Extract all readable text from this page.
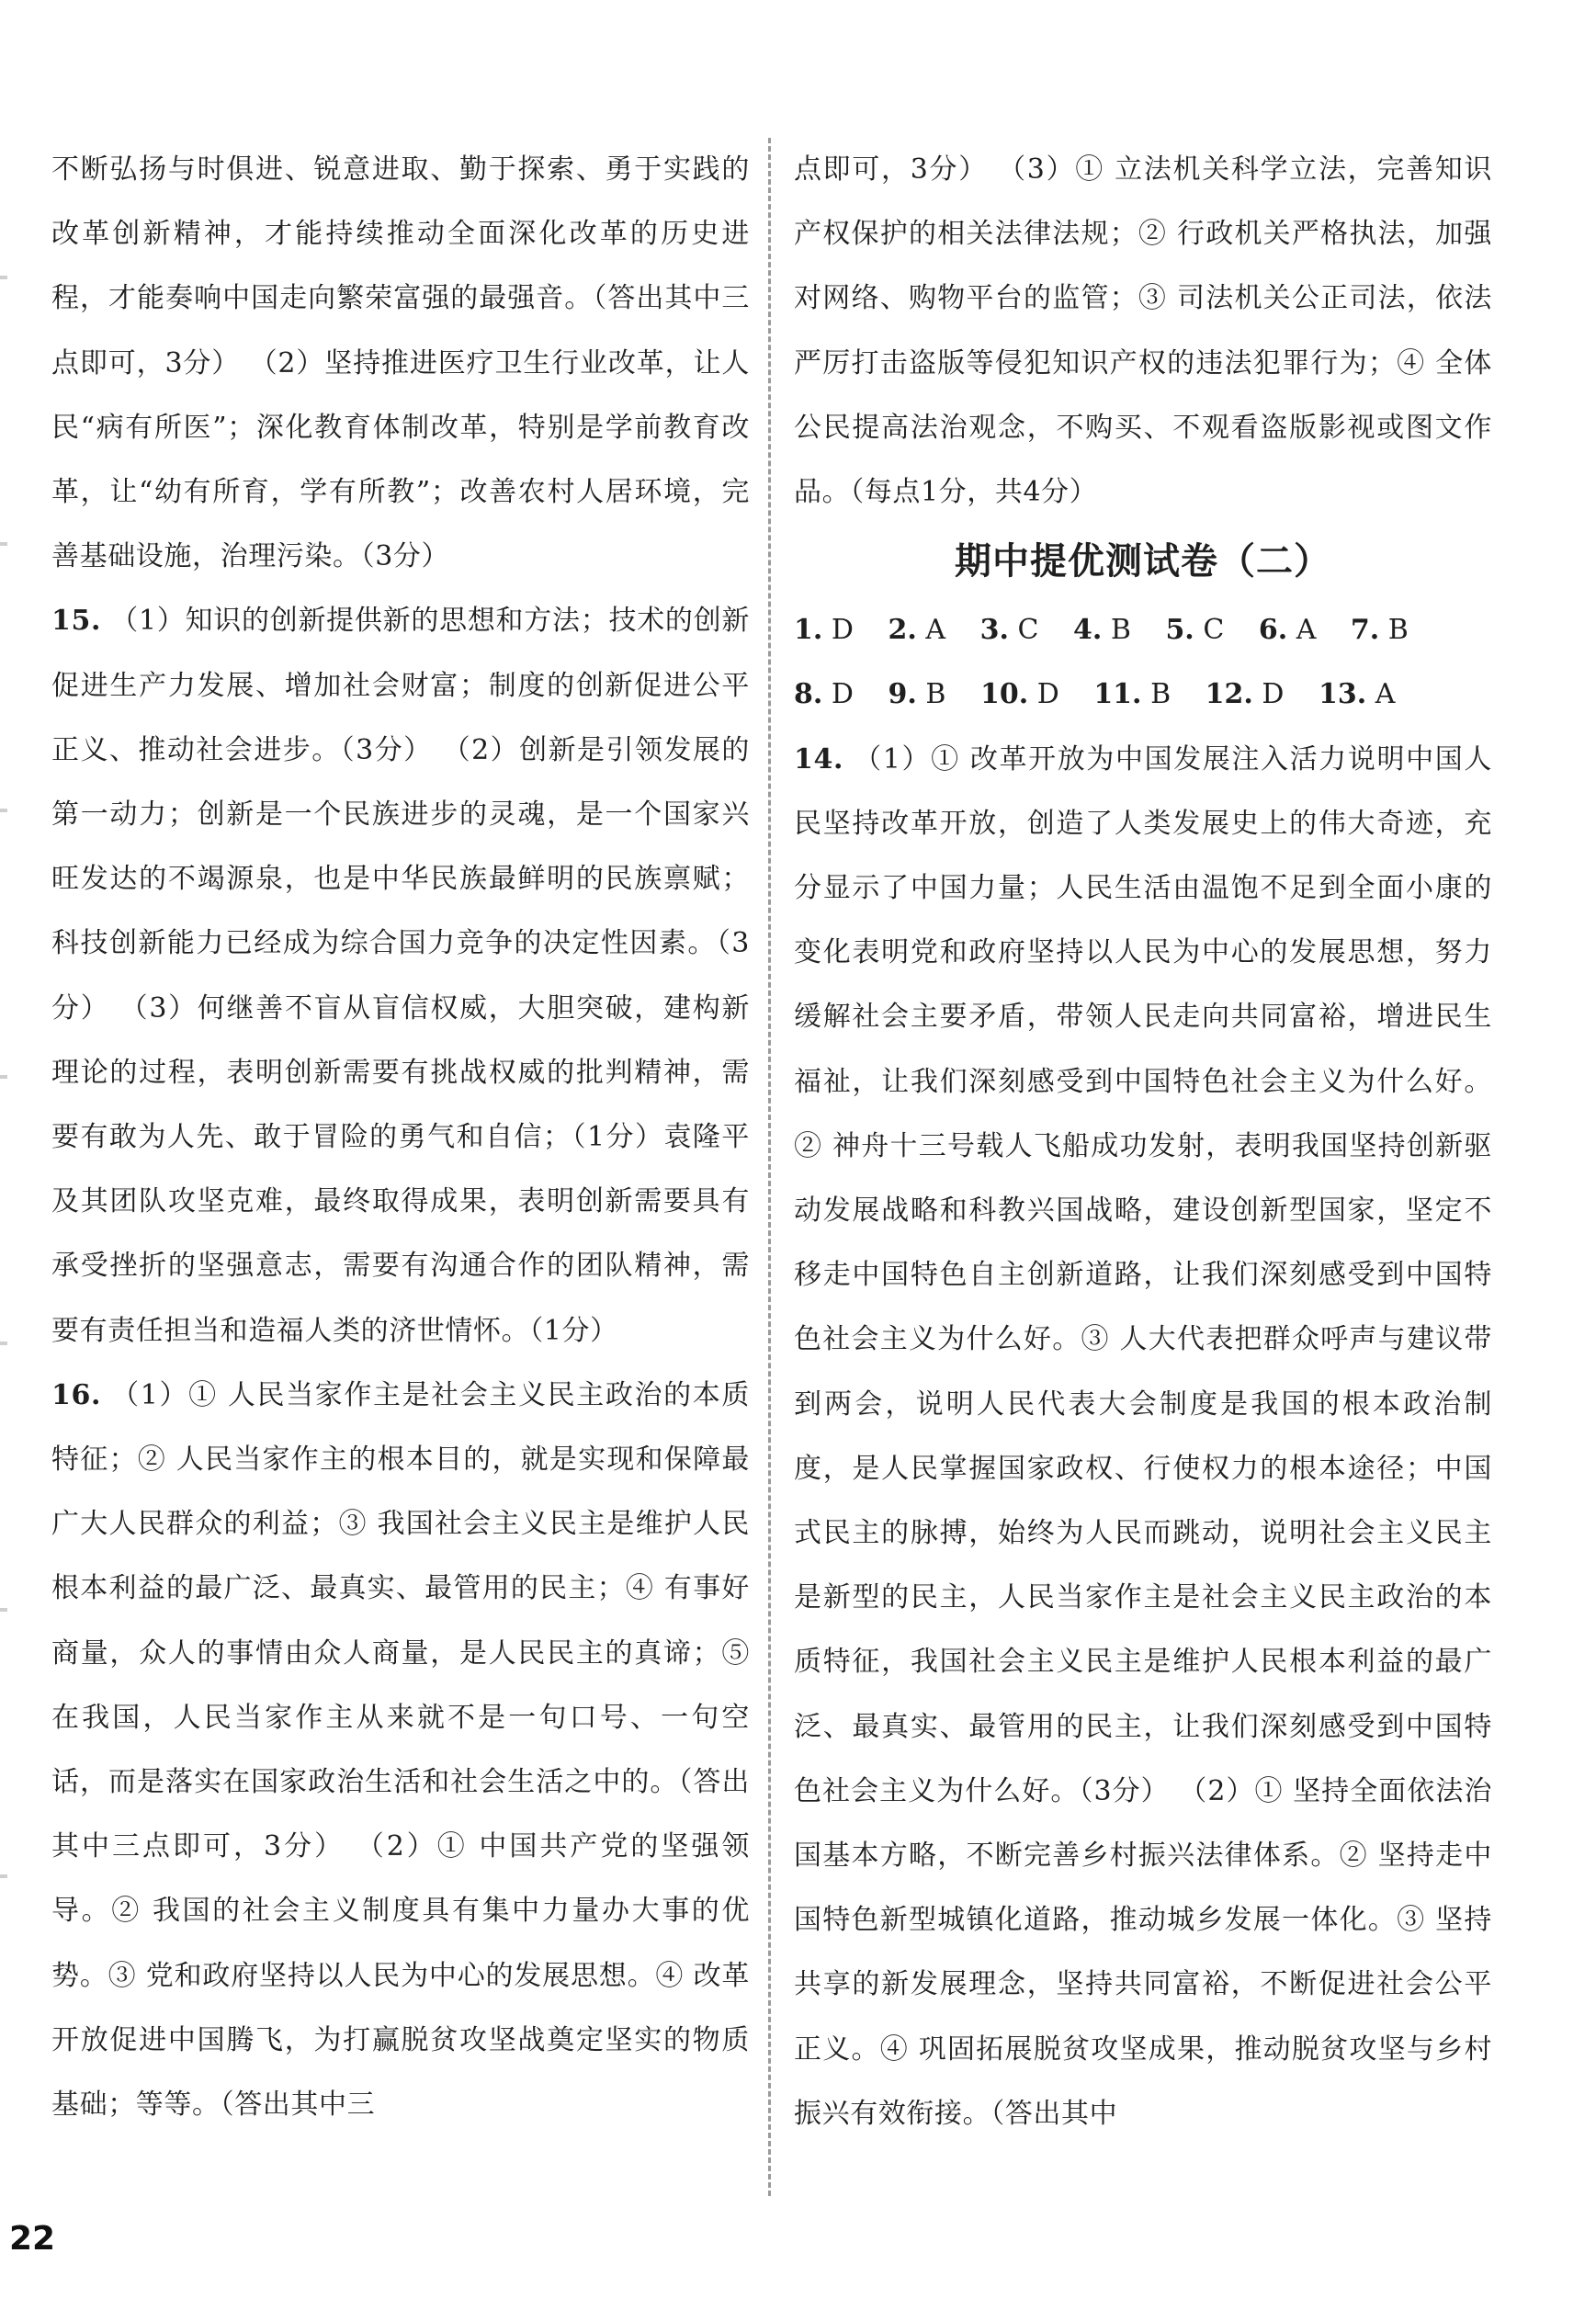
不断弘扬与时俱进、锐意进取、勤于探索、勇于实践的改革创新精神，才能持续推动全面深化改革的历史进程，才能奏响中国走向繁荣富强的最强音。（答出其中三点即可，3分） （2）坚持推进医疗卫生行业改革，让人民“病有所医”；深化教育体制改革，特别是学前教育改革，让“幼有所育，学有所教”；改善农村人居环境，完善基础设施，治理污染。（3分）

15. （1）知识的创新提供新的思想和方法；技术的创新促进生产力发展、增加社会财富；制度的创新促进公平正义、推动社会进步。（3分） （2）创新是引领发展的第一动力；创新是一个民族进步的灵魂，是一个国家兴旺发达的不竭源泉，也是中华民族最鲜明的民族禀赋；科技创新能力已经成为综合国力竞争的决定性因素。（3分） （3）何继善不盲从盲信权威，大胆突破，建构新理论的过程，表明创新需要有挑战权威的批判精神，需要有敢为人先、敢于冒险的勇气和自信；（1分）袁隆平及其团队攻坚克难，最终取得成果，表明创新需要具有承受挫折的坚强意志，需要有沟通合作的团队精神，需要有责任担当和造福人类的济世情怀。（1分）

16. （1）① 人民当家作主是社会主义民主政治的本质特征；② 人民当家作主的根本目的，就是实现和保障最广大人民群众的利益；③ 我国社会主义民主是维护人民根本利益的最广泛、最真实、最管用的民主；④ 有事好商量，众人的事情由众人商量，是人民民主的真谛；⑤ 在我国，人民当家作主从来就不是一句口号、一句空话，而是落实在国家政治生活和社会生活之中的。（答出其中三点即可，3分） （2）① 中国共产党的坚强领导。② 我国的社会主义制度具有集中力量办大事的优势。③ 党和政府坚持以人民为中心的发展思想。④ 改革开放促进中国腾飞，为打赢脱贫攻坚战奠定坚实的物质基础；等等。（答出其中三

点即可，3分） （3）① 立法机关科学立法，完善知识产权保护的相关法律法规；② 行政机关严格执法，加强对网络、购物平台的监管；③ 司法机关公正司法，依法严厉打击盗版等侵犯知识产权的违法犯罪行为；④ 全体公民提高法治观念，不购买、不观看盗版影视或图文作品。（每点1分，共4分）

期中提优测试卷（二）
1. D 2. A 3. C 4. B 5. C 6. A 7. B
8. D 9. B 10. D 11. B 12. D 13. A

14. （1）① 改革开放为中国发展注入活力说明中国人民坚持改革开放，创造了人类发展史上的伟大奇迹，充分显示了中国力量；人民生活由温饱不足到全面小康的变化表明党和政府坚持以人民为中心的发展思想，努力缓解社会主要矛盾，带领人民走向共同富裕，增进民生福祉，让我们深刻感受到中国特色社会主义为什么好。② 神舟十三号载人飞船成功发射，表明我国坚持创新驱动发展战略和科教兴国战略，建设创新型国家，坚定不移走中国特色自主创新道路，让我们深刻感受到中国特色社会主义为什么好。③ 人大代表把群众呼声与建议带到两会，说明人民代表大会制度是我国的根本政治制度，是人民掌握国家政权、行使权力的根本途径；中国式民主的脉搏，始终为人民而跳动，说明社会主义民主是新型的民主，人民当家作主是社会主义民主政治的本质特征，我国社会主义民主是维护人民根本利益的最广泛、最真实、最管用的民主，让我们深刻感受到中国特色社会主义为什么好。（3分） （2）① 坚持全面依法治国基本方略，不断完善乡村振兴法律体系。② 坚持走中国特色新型城镇化道路，推动城乡发展一体化。③ 坚持共享的新发展理念，坚持共同富裕，不断促进社会公平正义。④ 巩固拓展脱贫攻坚成果，推动脱贫攻坚与乡村振兴有效衔接。（答出其中

22
